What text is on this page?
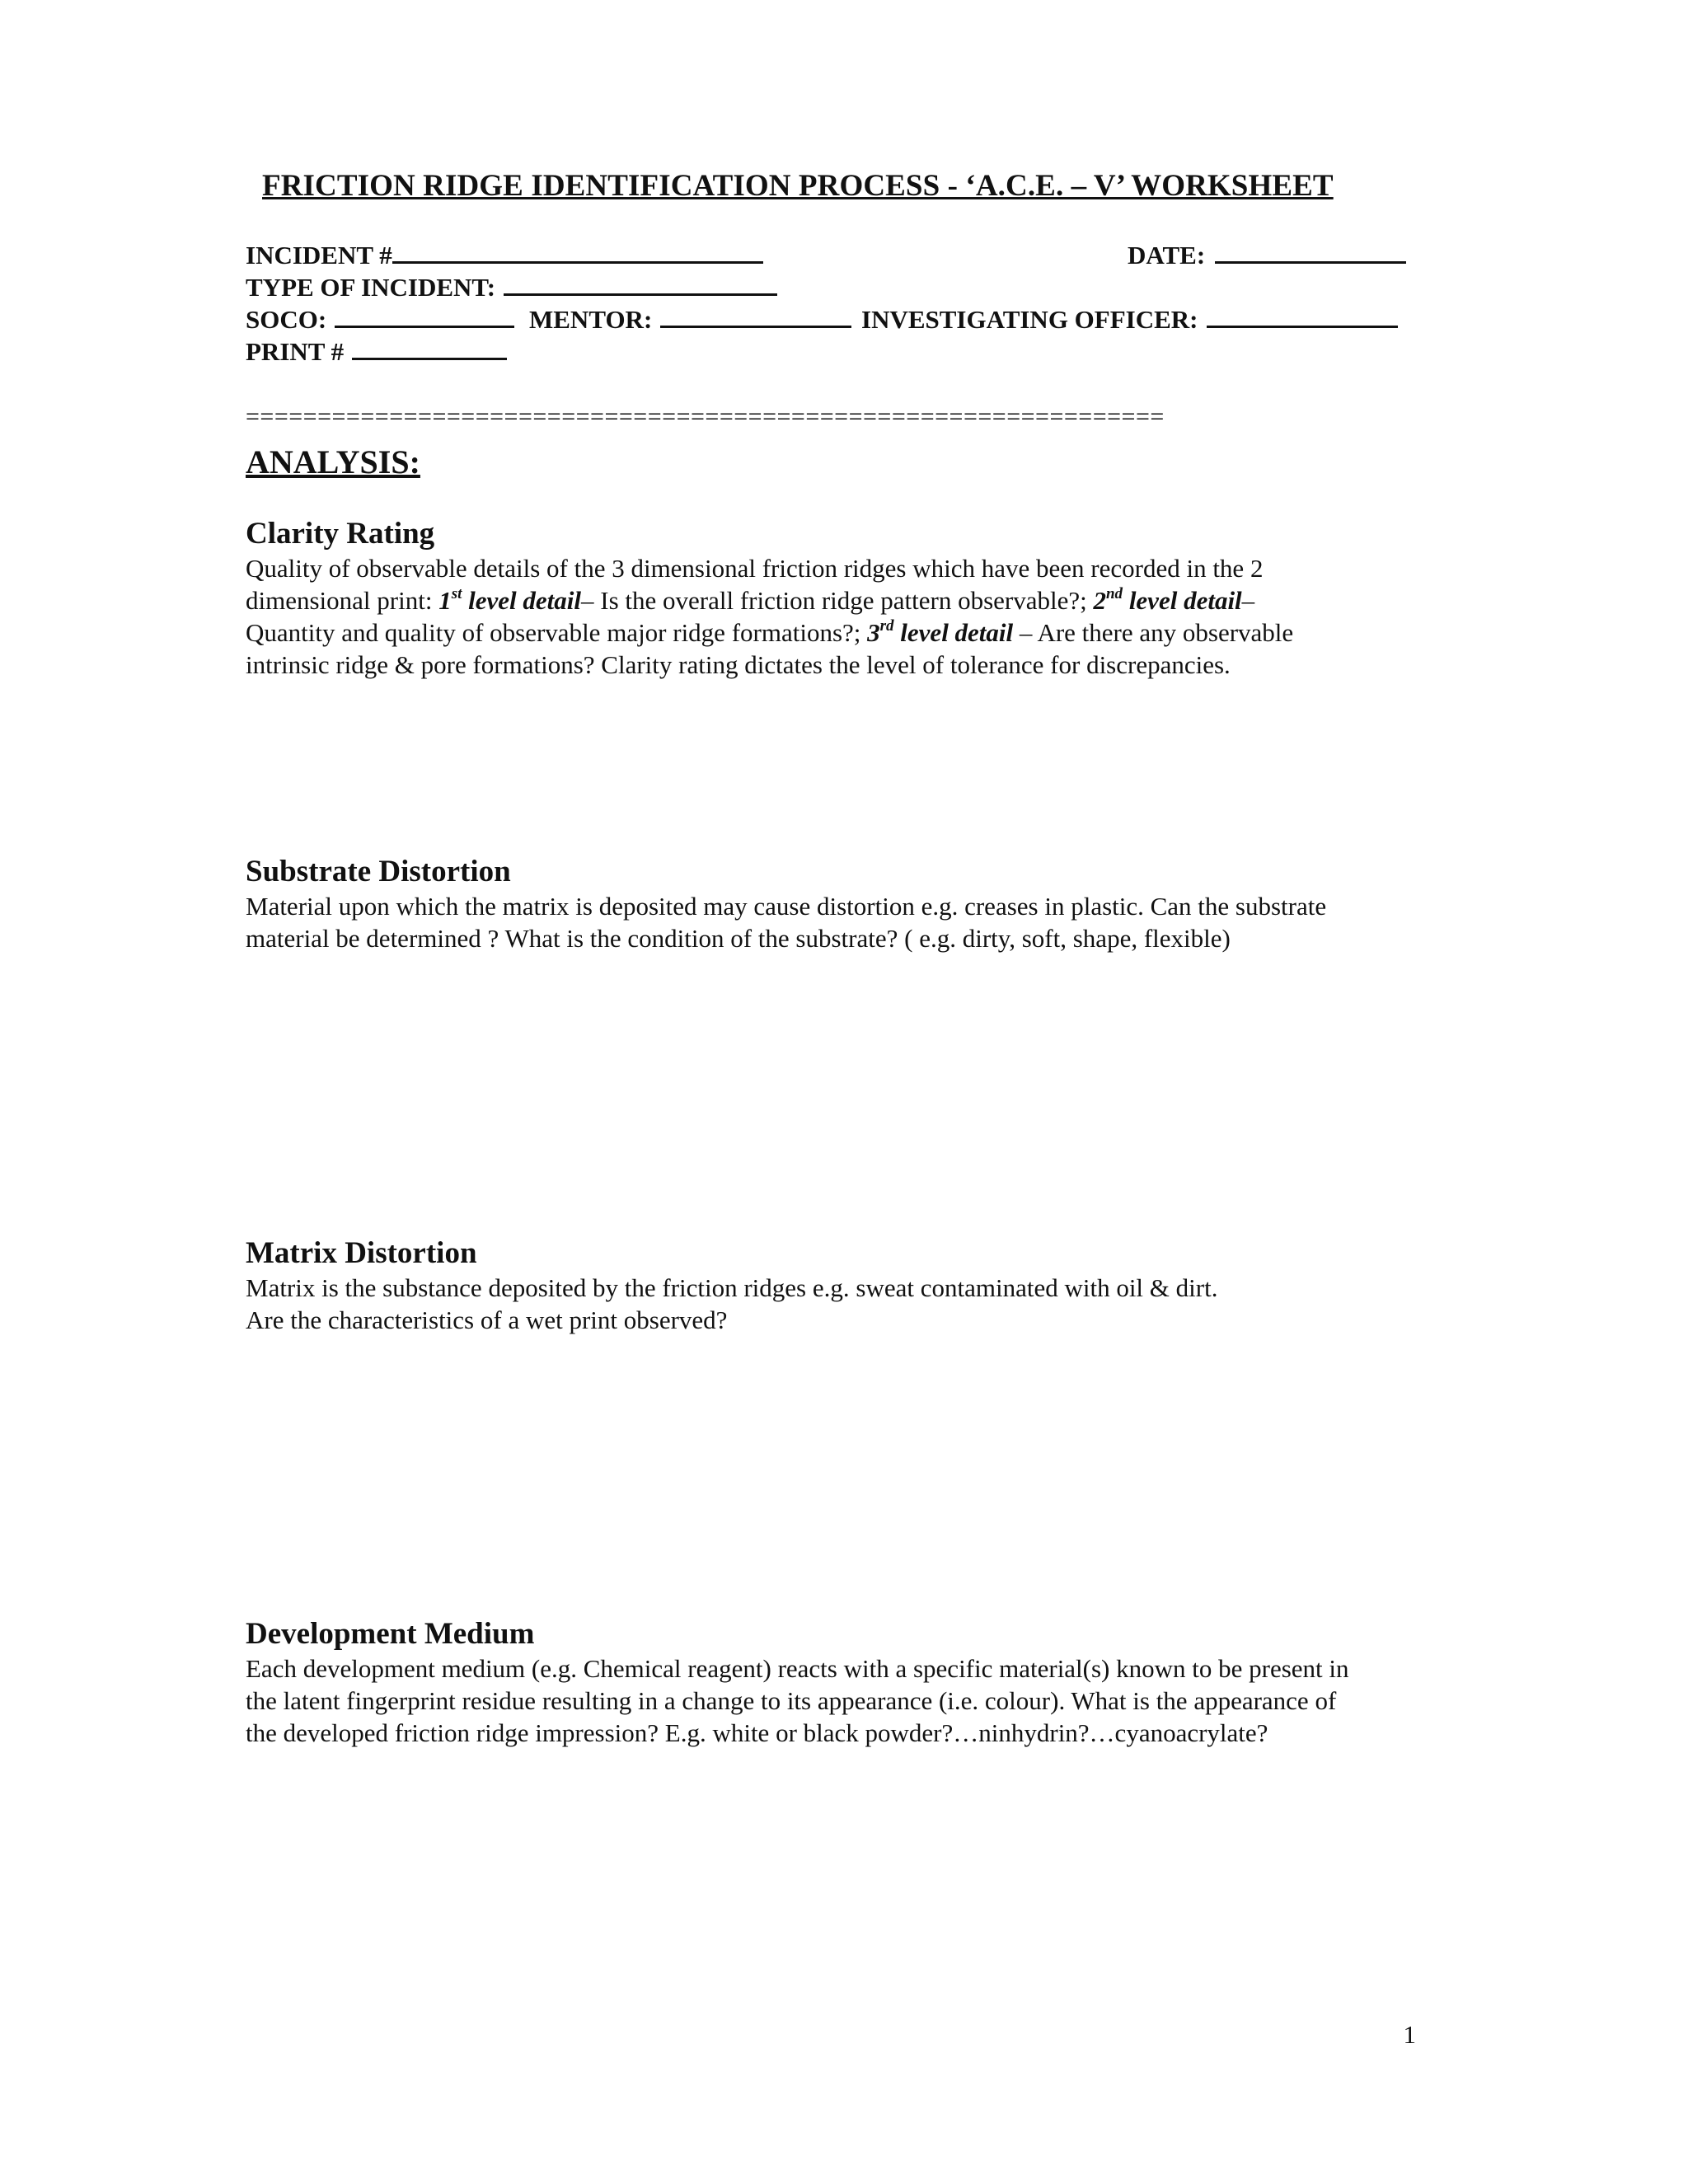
FRICTION RIDGE IDENTIFICATION PROCESS - ‘A.C.E. – V’ WORKSHEET
INCIDENT #	DATE:
TYPE OF INCIDENT:
SOCO:	MENTOR:	INVESTIGATING OFFICER:
PRINT #
================================================================
ANALYSIS:
Clarity Rating
Quality of observable details of the 3 dimensional friction ridges which have been recorded in the 2
dimensional print: 1st level detail– Is the overall friction ridge pattern observable?; 2nd level detail–
Quantity and quality of observable major ridge formations?; 3rd level detail – Are there any observable
intrinsic ridge & pore formations? Clarity rating dictates the level of tolerance for discrepancies.
Substrate Distortion
Material upon which the matrix is deposited may cause distortion e.g. creases in plastic. Can the substrate
material be determined ? What is the condition of the substrate? ( e.g. dirty, soft, shape, flexible)
Matrix Distortion
Matrix is the substance deposited by the friction ridges e.g. sweat contaminated with oil & dirt.
Are the characteristics of a wet print observed?
Development Medium
Each development medium (e.g. Chemical reagent) reacts with a specific material(s) known to be present in
the latent fingerprint residue resulting in a change to its appearance (i.e. colour). What is the appearance of
the developed friction ridge impression? E.g. white or black powder?…ninhydrin?…cyanoacrylate?
1
